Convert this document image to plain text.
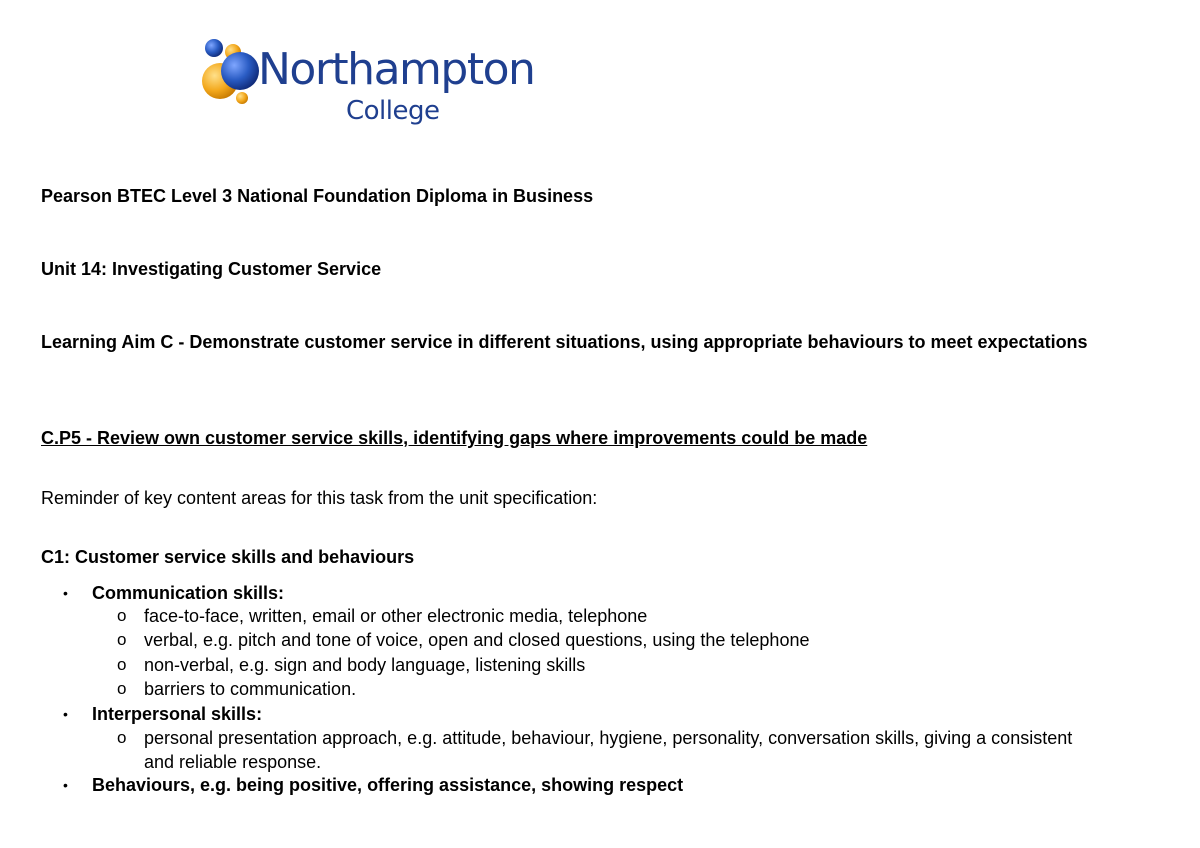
Northampton
College
Pearson BTEC Level 3 National Foundation Diploma in Business
Unit 14: Investigating Customer Service
Learning Aim C - Demonstrate customer service in different situations, using appropriate behaviours to meet expectations
C.P5 - Review own customer service skills, identifying gaps where improvements could be made
Reminder of key content areas for this task from the unit specification:
C1: Customer service skills and behaviours
• Communication skills:
o face-to-face, written, email or other electronic media, telephone
o verbal, e.g. pitch and tone of voice, open and closed questions, using the telephone
o non-verbal, e.g. sign and body language, listening skills
o barriers to communication.
• Interpersonal skills:
o personal presentation approach, e.g. attitude, behaviour, hygiene, personality, conversation skills, giving a consistent and reliable response.
• Behaviours, e.g. being positive, offering assistance, showing respect
